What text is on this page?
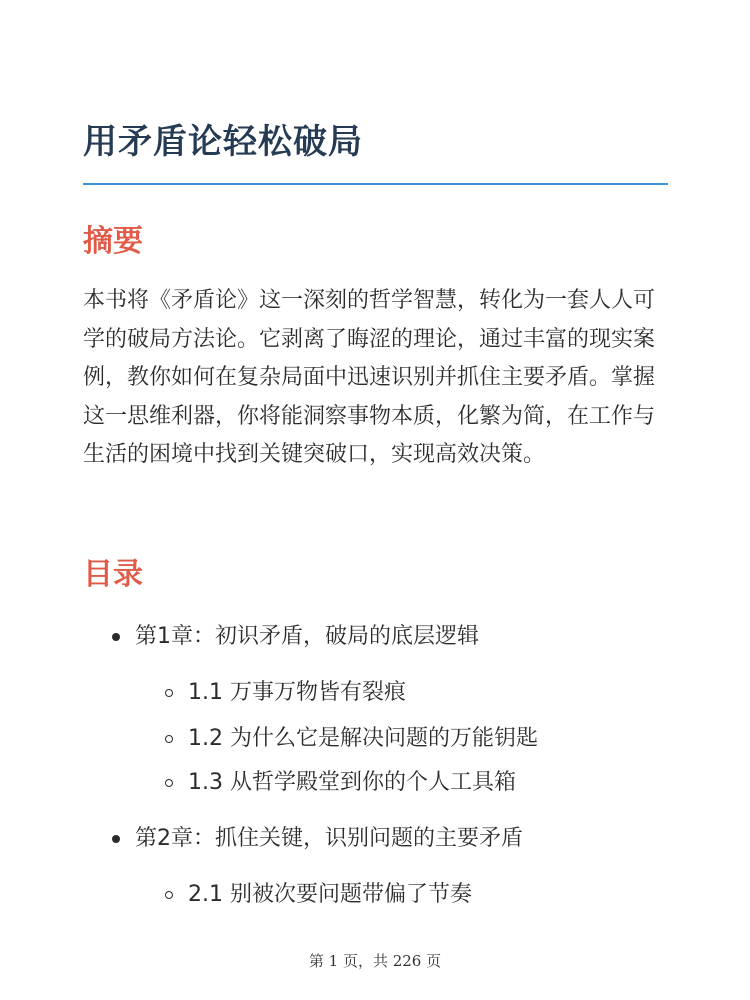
用矛盾论轻松破局
摘要

本书将《矛盾论》这一深刻的哲学智慧，转化为一套人人可学的破局方法论。它剥离了晦涩的理论，通过丰富的现实案例，教你如何在复杂局面中迅速识别并抓住主要矛盾。掌握这一思维利器，你将能洞察事物本质，化繁为简，在工作与生活的困境中找到关键突破口，实现高效决策。

目录

第1章：初识矛盾，破局的底层逻辑

1.1 万事万物皆有裂痕

1.2 为什么它是解决问题的万能钥匙

1.3 从哲学殿堂到你的个人工具箱

第2章：抓住关键，识别问题的主要矛盾

2.1 别被次要问题带偏了节奏

第 1 页，共 226 页
